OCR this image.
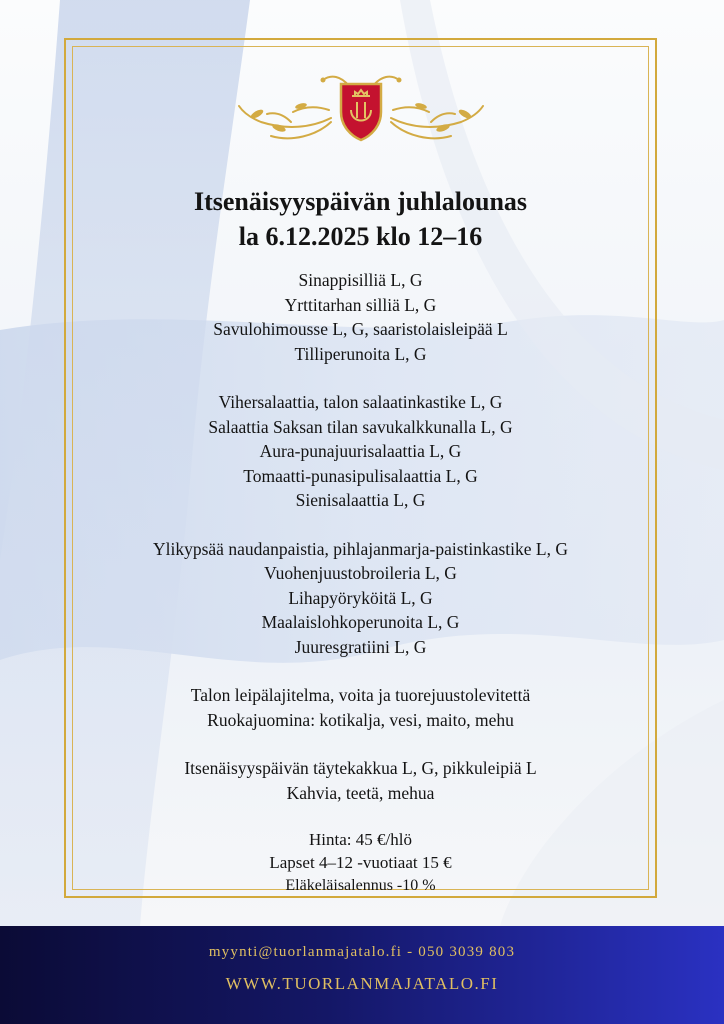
Itsenäisyyspäivän juhlalounas
la 6.12.2025 klo 12–16
Sinappisilliä L, G
Yrttitarhan silliä L, G
Savulohimousse L, G, saaristolaisleipää L
Tilliperunoita L, G
Vihersalaattia, talon salaatinkastike L, G
Salaattia Saksan tilan savukalkkunalla L, G
Aura-punajuurisalaattia L, G
Tomaatti-punasipulisalaattia L, G
Sienisalaattia L, G
Ylikypsää naudanpaistia, pihlajanmarja-paistinkastike L, G
Vuohenjuustobroileria L, G
Lihapyöryköitä L, G
Maalaislohkoperunoita L, G
Juuresgratiini L, G
Talon leipälajitelma, voita ja tuorejuustolevitettä
Ruokajuomina: kotikalja, vesi, maito, mehu
Itsenäisyyspäivän täytekakkua L, G, pikkuleipiä L
Kahvia, teetä, mehua
Hinta: 45 €/hlö
Lapset 4–12 -vuotiaat 15 €
Eläkeläisalennus -10 %
myynti@tuorlanmajatalo.fi - 050 3039 803
WWW.TUORLANMAJATALO.FI
